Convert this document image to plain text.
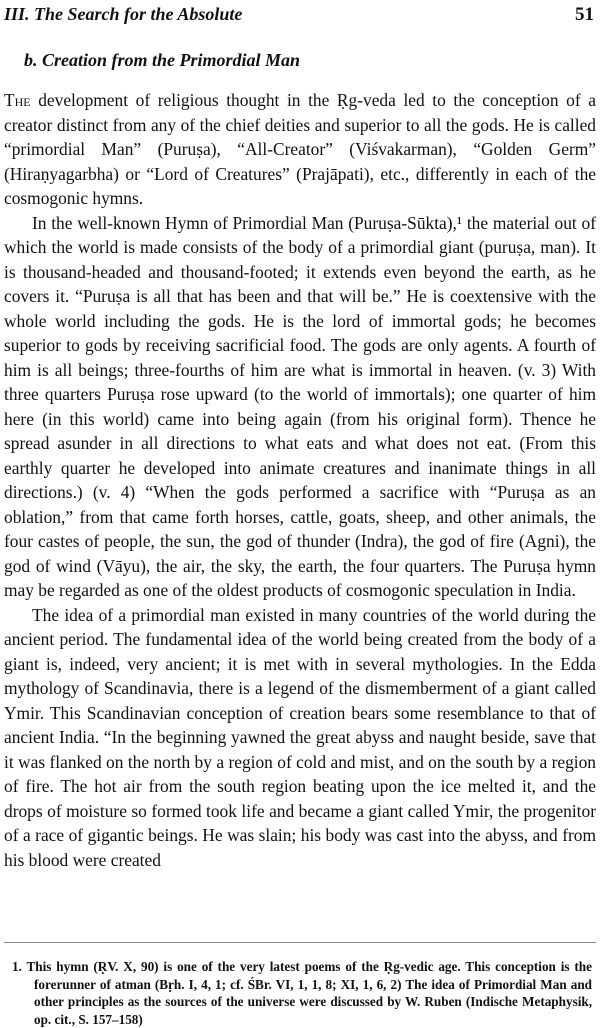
III. The Search for the Absolute	51
b. Creation from the Primordial Man

The development of religious thought in the Ṛg-veda led to the conception of a creator distinct from any of the chief deities and superior to all the gods. He is called “primordial Man” (Puruṣa), “All-Creator” (Viśvakarman), “Golden Germ” (Hiraṇyagarbha) or “Lord of Creatures” (Prajāpati), etc., differently in each of the cosmogonic hymns.

In the well-known Hymn of Primordial Man (Puruṣa-Sūkta),¹ the material out of which the world is made consists of the body of a primordial giant (puruṣa, man). It is thousand-headed and thousand-footed; it extends even beyond the earth, as he covers it. “Puruṣa is all that has been and that will be.” He is coextensive with the whole world including the gods. He is the lord of immortal gods; he becomes superior to gods by receiving sacrificial food. The gods are only agents. A fourth of him is all beings; three-fourths of him are what is immortal in heaven. (v. 3) With three quarters Puruṣa rose upward (to the world of immortals); one quarter of him here (in this world) came into being again (from his original form). Thence he spread asunder in all directions to what eats and what does not eat. (From this earthly quarter he developed into animate creatures and inanimate things in all directions.) (v. 4) “When the gods performed a sacrifice with “Puruṣa as an oblation,” from that came forth horses, cattle, goats, sheep, and other animals, the four castes of people, the sun, the god of thunder (Indra), the god of fire (Agni), the god of wind (Vāyu), the air, the sky, the earth, the four quarters. The Puruṣa hymn may be regarded as one of the oldest products of cosmogonic speculation in India.

The idea of a primordial man existed in many countries of the world during the ancient period. The fundamental idea of the world being created from the body of a giant is, indeed, very ancient; it is met with in several mythologies. In the Edda mythology of Scandinavia, there is a legend of the dismemberment of a giant called Ymir. This Scandinavian conception of creation bears some resemblance to that of ancient India. “In the beginning yawned the great abyss and naught beside, save that it was flanked on the north by a region of cold and mist, and on the south by a region of fire. The hot air from the south region beating upon the ice melted it, and the drops of moisture so formed took life and became a giant called Ymir, the progenitor of a race of gigantic beings. He was slain; his body was cast into the abyss, and from his blood were created

1. This hymn (ṚV. X, 90) is one of the very latest poems of the Ṛg-vedic age. This conception is the forerunner of atman (Bṛh. I, 4, 1; cf. ŚBr. VI, 1, 1, 8; XI, 1, 6, 2) The idea of Primordial Man and other principles as the sources of the universe were discussed by W. Ruben (Indische Metaphysik, op. cit., S. 157–158)
